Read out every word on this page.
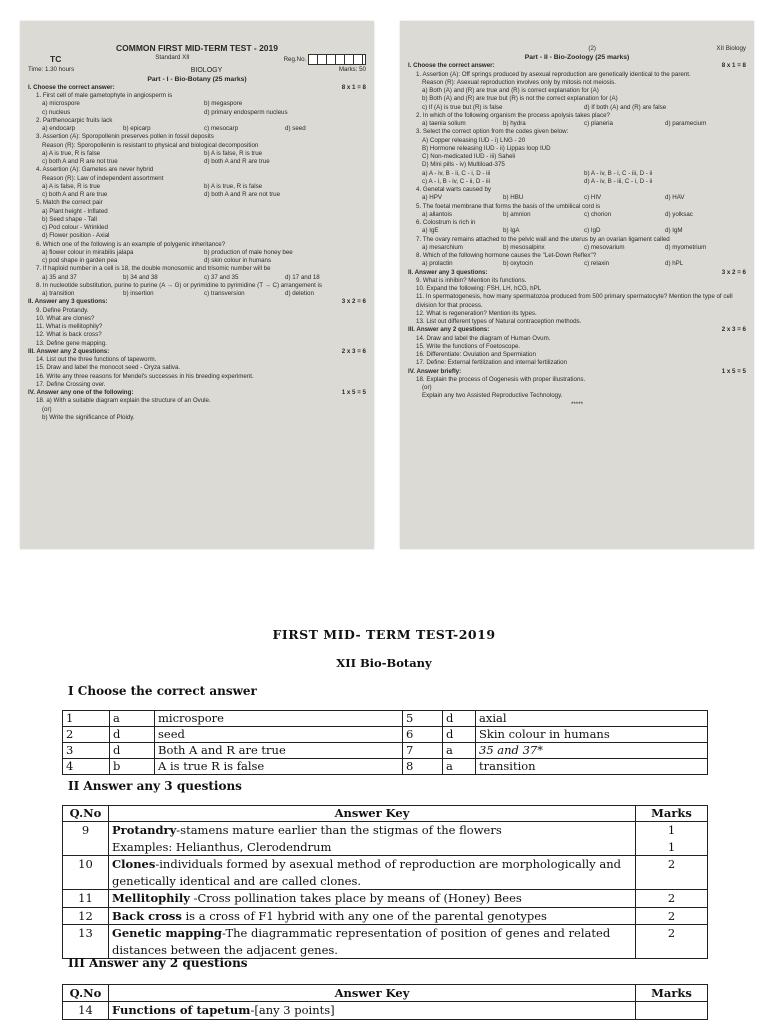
COMMON FIRST MID-TERM TEST - 2019
TC	Standard XII	Reg.No.
Time: 1.30 hours	BIOLOGY	Marks: 50
Part - I - Bio-Botany (25 marks)
I. Choose the correct answer:	8 x 1 = 8
1. First cell of male gametophyte in angiosperm is
a) microspore	b) megaspore
c) nucleus	d) primary endosperm nucleus
2. Parthenocarpic fruits lack
a) endocarp	b) epicarp	c) mesocarp	d) seed
3. Assertion (A): Sporopollenin preserves pollen in fossil deposits
Reason (R): Sporopollenin is resistant to physical and biological decomposition
a) A is true, R is false	b) A is false, R is true
c) both A and R are not true	d) both A and R are true
4. Assertion (A): Gametes are never hybrid
Reason (R): Law of independent assortment
a) A is false, R is true	b) A is true, R is false
c) both A and R are true	d) both A and R are not true
5. Match the correct pair
a) Plant height - Inflated
b) Seed shape - Tall
c) Pod colour - Wrinkled
d) Flower position - Axial
6. Which one of the following is an example of polygenic inheritance?
a) flower colour in mirabilis jalapa	b) production of male honey bee
c) pod shape in garden pea	d) skin colour in humans
7. If haploid number in a cell is 18, the double monosomic and trisomic number will be
a) 35 and 37	b) 34 and 38	c) 37 and 35	d) 17 and 18
8. In nucleotide substitution, purine to purine (A → G) or pyrimidine to pyrimidine (T → C) arrangement is
a) transition	b) insertion	c) transversion	d) deletion
II. Answer any 3 questions:	3 x 2 = 6
9. Define Protandy.
10. What are clones?
11. What is mellitophily?
12. What is back cross?
13. Define gene mapping.
III. Answer any 2 questions:	2 x 3 = 6
14. List out the three functions of tapeworm.
15. Draw and label the monocot seed - Oryza sativa.
16. Write any three reasons for Mendel's successes in his breeding experiment.
17. Define Crossing over.
IV. Answer any one of the following:	1 x 5 = 5
18. a) With a suitable diagram explain the structure of an Ovule.
(or)
b) Write the significance of Ploidy.
(2)	XII Biology
Part - II - Bio-Zoology (25 marks)
I. Choose the correct answer:	8 x 1 = 8
1. Assertion (A): Off springs produced by asexual reproduction are genetically identical to the parent.
Reason (R): Asexual reproduction involves only by mitosis not meiosis.
a) Both (A) and (R) are true and (R) is correct explanation for (A)
b) Both (A) and (R) are true but (R) is not the correct explanation for (A)
c) If (A) is true but (R) is false	d) If both (A) and (R) are false
2. In which of the following organism the process apolysis takes place?
a) taenia solium	b) hydra	c) planeria	d) paramecium
3. Select the correct option from the codes given below:
A) Copper releasing IUD - i) LNG - 20
B) Hormone releasing IUD - ii) Lippas loop IUD
C) Non-medicated IUD - iii) Saheli
D) Mini pills - iv) Multiload-375
a) A - iv, B - ii, C - i, D - iii	b) A - iv, B - i, C - iii, D - ii
c) A - i, B - iv, C - ii, D - iii	d) A - iv, B - iii, C - i, D - ii
4. Genetal warts caused by
a) HPV	b) HBU	c) HIV	d) HAV
5. The foetal membrane that forms the basis of the umbilical cord is
a) allantois	b) amnion	c) chorion	d) yolksac
6. Colostrum is rich in
a) IgE	b) IgA	c) IgD	d) IgM
7. The ovary remains attached to the pelvic wall and the uterus by an ovarian ligament called
a) mesarchium	b) mesosalpinx	c) mesovarium	d) myometrium
8. Which of the following hormone causes the "Let-Down Reflex"?
a) prolactin	b) oxytocin	c) relaxin	d) hPL
II. Answer any 3 questions:	3 x 2 = 6
9. What is inhibin? Mention its functions.
10. Expand the following: FSH, LH, hCG, hPL
11. In spermatogenesis, how many spermatozoa produced from 500 primary spermatocyte? Mention the type of cell division for that process.
12. What is regeneration? Mention its types.
13. List out different types of Natural contraception methods.
III. Answer any 2 questions:	2 x 3 = 6
14. Draw and label the diagram of Human Ovum.
15. Write the functions of Foetoscope.
16. Differentiate: Ovulation and Spermiation
17. Define: External fertilization and internal fertilization
IV. Answer briefly:	1 x 5 = 5
18. Explain the process of Oogenesis with proper illustrations.
(or)
Explain any two Assisted Reproductive Technology.
*****
FIRST MID- TERM TEST-2019
XII Bio-Botany
I Choose the correct answer
1	a	microspore	5	d	axial
2	d	seed	6	d	Skin colour in humans
3	d	Both A and R are true	7	a	35 and 37*
4	b	A is true R is false	8	a	transition
II Answer any 3 questions
Q.No	Answer Key	Marks
9	Protandry-stamens mature earlier than the stigmas of the flowers	1
	Examples: Helianthus, Clerodendrum	1
10	Clones-individuals formed by asexual method of reproduction are morphologically and genetically identical and are called clones.	2
11	Mellitophily -Cross pollination takes place by means of (Honey) Bees	2
12	Back cross is a cross of F1 hybrid with any one of the parental genotypes	2
13	Genetic mapping-The diagrammatic representation of position of genes and related distances between the adjacent genes.	2
III Answer any 2 questions
Q.No	Answer Key	Marks
14	Functions of tapetum-[any 3 points]	
